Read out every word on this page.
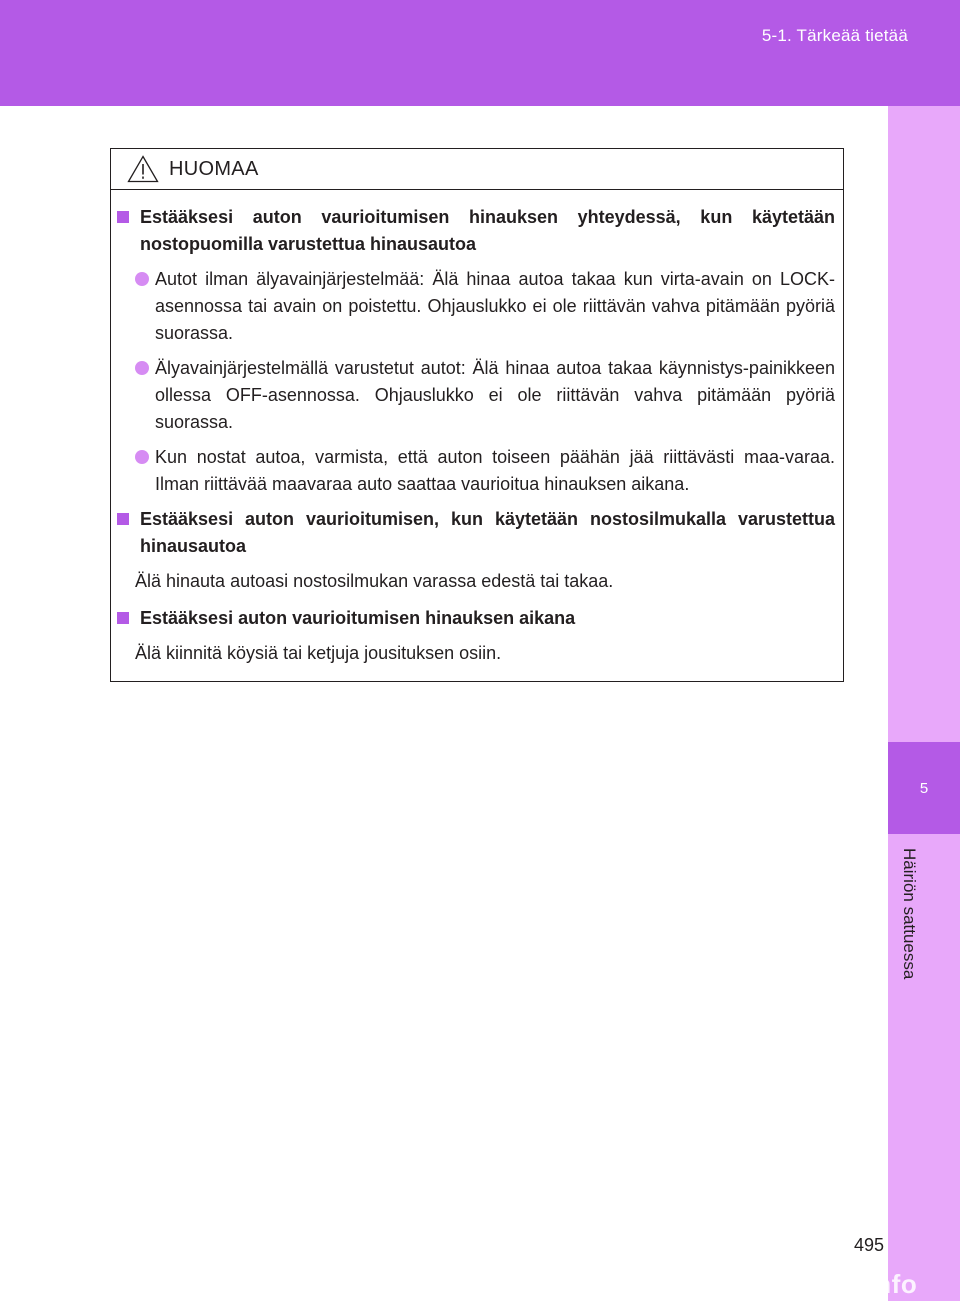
5-1. Tärkeää tietää
5
Häiriön sattuessa
HUOMAA
Estääksesi auton vaurioitumisen hinauksen yhteydessä, kun käytetään nostopuomilla varustettua hinausautoa
Autot ilman älyavainjärjestelmää: Älä hinaa autoa takaa kun virta-avain on LOCK-asennossa tai avain on poistettu. Ohjauslukko ei ole riittävän vahva pitämään pyöriä suorassa.
Älyavainjärjestelmällä varustetut autot: Älä hinaa autoa takaa käynnistys-painikkeen ollessa OFF-asennossa. Ohjauslukko ei ole riittävän vahva pitämään pyöriä suorassa.
Kun nostat autoa, varmista, että auton toiseen päähän jää riittävästi maa-varaa. Ilman riittävää maavaraa auto saattaa vaurioitua hinauksen aikana.
Estääksesi auton vaurioitumisen, kun käytetään nostosilmukalla varustettua hinausautoa
Älä hinauta autoasi nostosilmukan varassa edestä tai takaa.
Estääksesi auton vaurioitumisen hinauksen aikana
Älä kiinnitä köysiä tai ketjuja jousituksen osiin.
495
carmanualsonline.info
